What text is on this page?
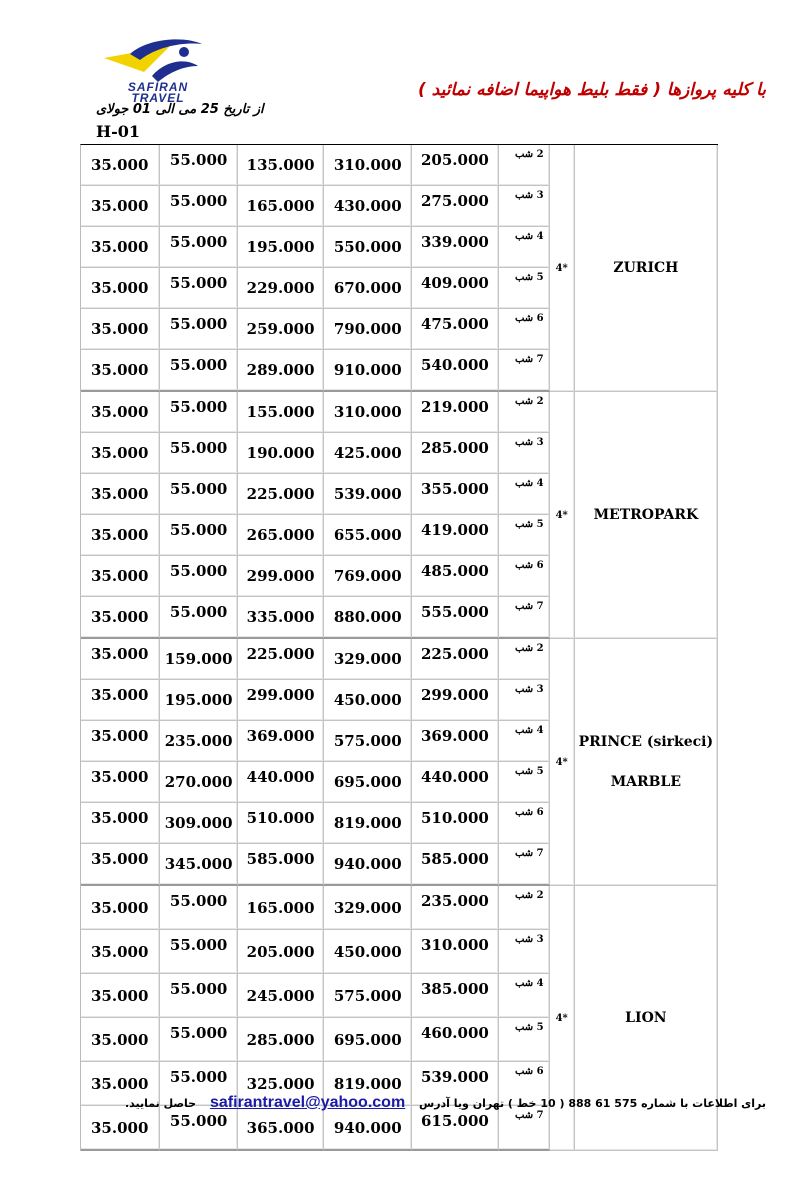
SAFIRAN
TRAVEL	با کلیه پروازها ( فقط بلیط هواپیما اضافه نمائید )
از تاریخ 25 می الی 01 جولای
H-01
35.000	55.000	135.000	310.000	205.000	2 شب	4*	ZURICH

35.000	55.000	165.000	430.000	275.000	3 شب		
35.000	55.000	195.000	550.000	339.000	4 شب		
35.000	55.000	229.000	670.000	409.000	5 شب		
35.000	55.000	259.000	790.000	475.000	6 شب		
35.000	55.000	289.000	910.000	540.000	7 شب		
35.000	55.000	155.000	310.000	219.000	2 شب	4*	METROPARK

35.000	55.000	190.000	425.000	285.000	3 شب		
35.000	55.000	225.000	539.000	355.000	4 شب		
35.000	55.000	265.000	655.000	419.000	5 شب		
35.000	55.000	299.000	769.000	485.000	6 شب		
35.000	55.000	335.000	880.000	555.000	7 شب		
35.000	159.000	225.000	329.000	225.000	2 شب	4*	PRINCE (sirkeci)
MARBLE

35.000	195.000	299.000	450.000	299.000	3 شب		
35.000	235.000	369.000	575.000	369.000	4 شب		
35.000	270.000	440.000	695.000	440.000	5 شب		
35.000	309.000	510.000	819.000	510.000	6 شب		
35.000	345.000	585.000	940.000	585.000	7 شب		
35.000	55.000	165.000	329.000	235.000	2 شب	4*	LION

35.000	55.000	205.000	450.000	310.000	3 شب		
35.000	55.000	245.000	575.000	385.000	4 شب		
35.000	55.000	285.000	695.000	460.000	5 شب		
35.000	55.000	325.000	819.000	539.000	6 شب		
35.000	55.000	365.000	940.000	615.000	7 شب		
برای اطلاعات با شماره 575 61 888 ( 10 خط ) تهران ویا آدرس safirantravel@yahoo.com حاصل نمایید.
